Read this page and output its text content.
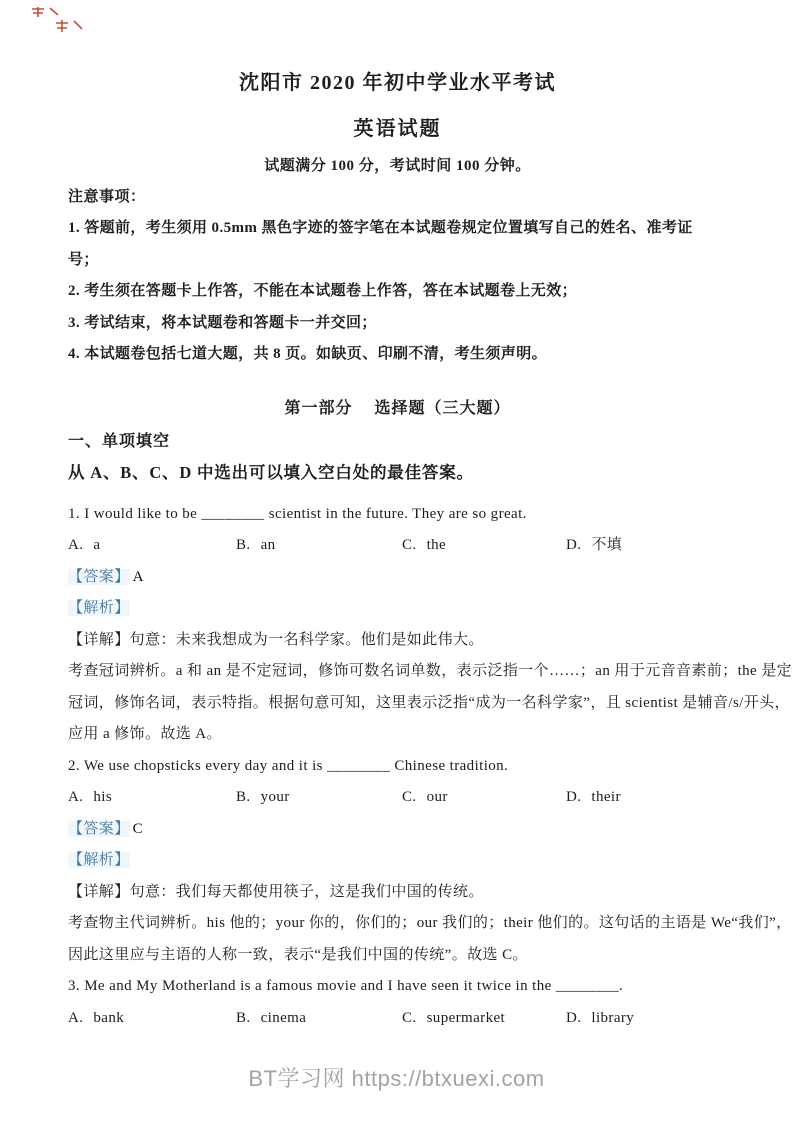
沈阳市 2020 年初中学业水平考试
英语试题
试题满分 100 分，考试时间 100 分钟。
注意事项：
1. 答题前，考生须用 0.5mm 黑色字迹的签字笔在本试题卷规定位置填写自己的姓名、准考证
号；
2. 考生须在答题卡上作答，不能在本试题卷上作答，答在本试题卷上无效；
3. 考试结束，将本试题卷和答题卡一并交回；
4. 本试题卷包括七道大题，共 8 页。如缺页、印刷不清，考生须声明。
第一部分　 选择题（三大题）
一、单项填空
从 A、B、C、D 中选出可以填入空白处的最佳答案。
1. I would like to be ________ scientist in the future. They are so great.
A. a	B. an	C. the	D. 不填
【答案】 A
【解析】
【详解】句意：未来我想成为一名科学家。他们是如此伟大。
考查冠词辨析。a 和 an 是不定冠词，修饰可数名词单数，表示泛指一个……；an 用于元音音素前；the 是定
冠词，修饰名词，表示特指。根据句意可知，这里表示泛指“成为一名科学家”，且 scientist 是辅音/s/开头，
应用 a 修饰。故选 A。
2. We use chopsticks every day and it is ________ Chinese tradition.
A. his	B. your	C. our	D. their
【答案】 C
【解析】
【详解】句意：我们每天都使用筷子，这是我们中国的传统。
考查物主代词辨析。his 他的；your 你的，你们的；our 我们的；their 他们的。这句话的主语是 We“我们”，
因此这里应与主语的人称一致，表示“是我们中国的传统”。故选 C。
3. Me and My Motherland is a famous movie and I have seen it twice in the ________.
A. bank	B. cinema	C. supermarket	D. library
BT学习网 https://btxuexi.com
